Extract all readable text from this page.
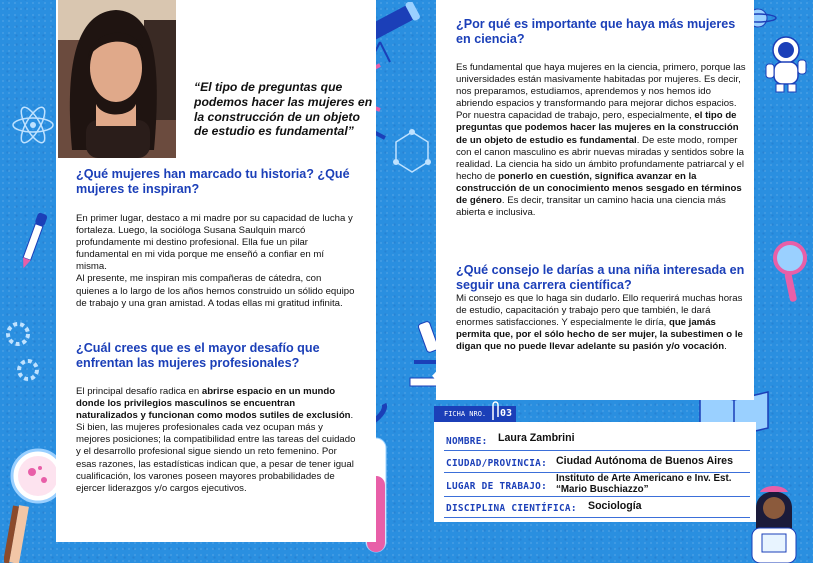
“El tipo de preguntas que podemos hacer las mujeres en la construcción de un objeto de estudio es fundamental”
¿Qué mujeres han marcado tu historia? ¿Qué mujeres te inspiran?
En primer lugar, destaco a mi madre por su capacidad de lucha y fortaleza. Luego, la socióloga Susana Saulquin marcó profundamente mi destino profesional. Ella fue un pilar fundamental en mi vida porque me enseñó a confiar en mí misma.
Al presente, me inspiran mis compañeras de cátedra, con quienes a lo largo de los años hemos construido un sólido equipo de trabajo y una gran amistad. A todas ellas mi gratitud infinita.
¿Cuál crees que es el mayor desafío que enfrentan las mujeres profesionales?
El principal desafío radica en abrirse espacio en un mundo donde los privilegios masculinos se encuentran naturalizados y funcionan como modos sutiles de exclusión. Si bien, las mujeres profesionales cada vez ocupan más y mejores posiciones; la compatibilidad entre las tareas del cuidado y el desarrollo profesional sigue siendo un reto femenino. Por esas razones, las estadísticas indican que, a pesar de tener igual cualificación, los varones poseen mayores probabilidades de ejercer liderazgos y/o cargos ejecutivos.
¿Por qué es importante que haya más mujeres en ciencia?
Es fundamental que haya mujeres en la ciencia, primero, porque las universidades están masivamente habitadas por mujeres. Es decir, nos preparamos, estudiamos, aprendemos y nos hemos ido abriendo espacios y transformando para mejorar dichos espacios. Por nuestra capacidad de trabajo, pero, especialmente, el tipo de preguntas que podemos hacer las mujeres en la construcción de un objeto de estudio es fundamental. De este modo, romper con el canon masculino es abrir nuevas miradas y sentidos sobre la realidad. La ciencia ha sido un ámbito profundamente patriarcal y el hecho de ponerlo en cuestión, significa avanzar en la construcción de un conocimiento menos sesgado en términos de género. Es decir, transitar un camino hacia una ciencia más abierta e inclusiva.
¿Qué consejo le darías a una niña interesada en seguir una carrera científica?
Mi consejo es que lo haga sin dudarlo. Ello requerirá muchas horas de estudio, capacitación y trabajo pero que también, le dará enormes satisfacciones. Y especialmente le diría, que jamás permita que, por el sólo hecho de ser mujer, la subestimen o le digan que no puede llevar adelante su pasión y/o vocación.
FICHA NRO.	03
NOMBRE: Laura Zambrini
CIUDAD/PROVINCIA: Ciudad Autónoma de Buenos Aires
LUGAR DE TRABAJO:
Instituto de Arte Americano e Inv. Est.
“Mario Buschiazzo”
DISCIPLINA CIENTÍFICA: Sociología
